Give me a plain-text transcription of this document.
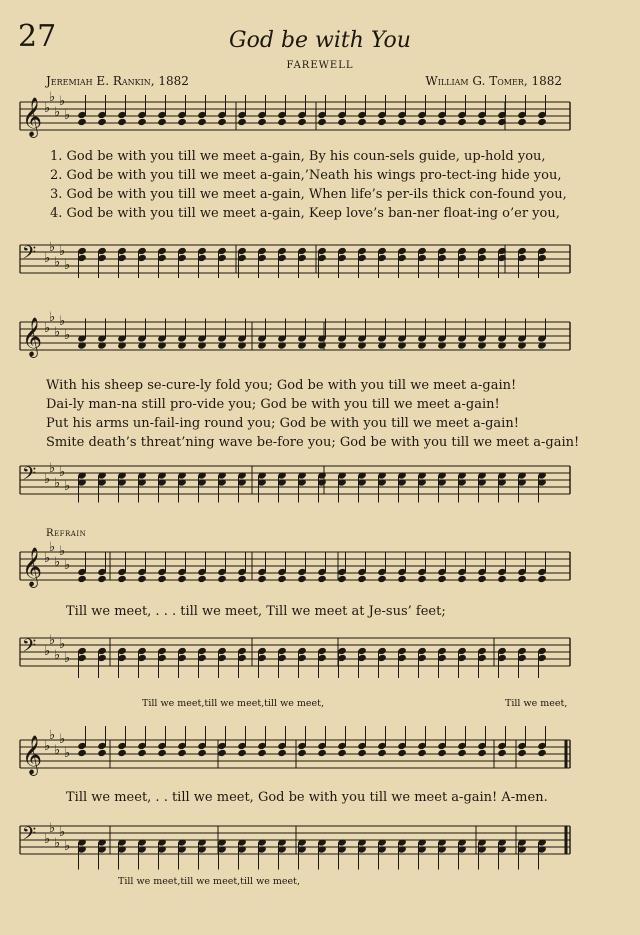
27	God be with You
FAREWELL
Jeremiah E. Rankin, 1882	William G. Tomer, 1882
𝄞 ♭
♭
♭
♭
♭
𝄢 ♭
♭
♭
♭
♭
𝄞 ♭
♭
♭
♭
♭
𝄢 ♭
♭
♭
♭
♭
𝄞 ♭
♭
♭
♭
♭
𝄢 ♭
♭
♭
♭
♭
𝄞 ♭
♭
♭
♭
♭
𝄢 ♭
♭
♭
♭
♭
1. God be with you till we meet a-gain, By his coun-sels guide, up-hold you,
2. God be with you till we meet a-gain,’Neath his wings pro-tect-ing hide you,
3. God be with you till we meet a-gain, When life’s per-ils thick con-found you,
4. God be with you till we meet a-gain, Keep love’s ban-ner float-ing o’er you,
With his sheep se-cure-ly fold you; God be with you till we meet a-gain!
Dai-ly man-na still pro-vide you; God be with you till we meet a-gain!
Put his arms un-fail-ing round you; God be with you till we meet a-gain!
Smite death’s threat’ning wave be-fore you; God be with you till we meet a-gain!
Refrain
Till we meet, . . . till we meet, Till we meet at Je-sus’ feet;
Till we meet,till we meet,till we meet,	Till we meet,
Till we meet, . . till we meet, God be with you till we meet a-gain! A-men.
Till we meet,till we meet,till we meet,
